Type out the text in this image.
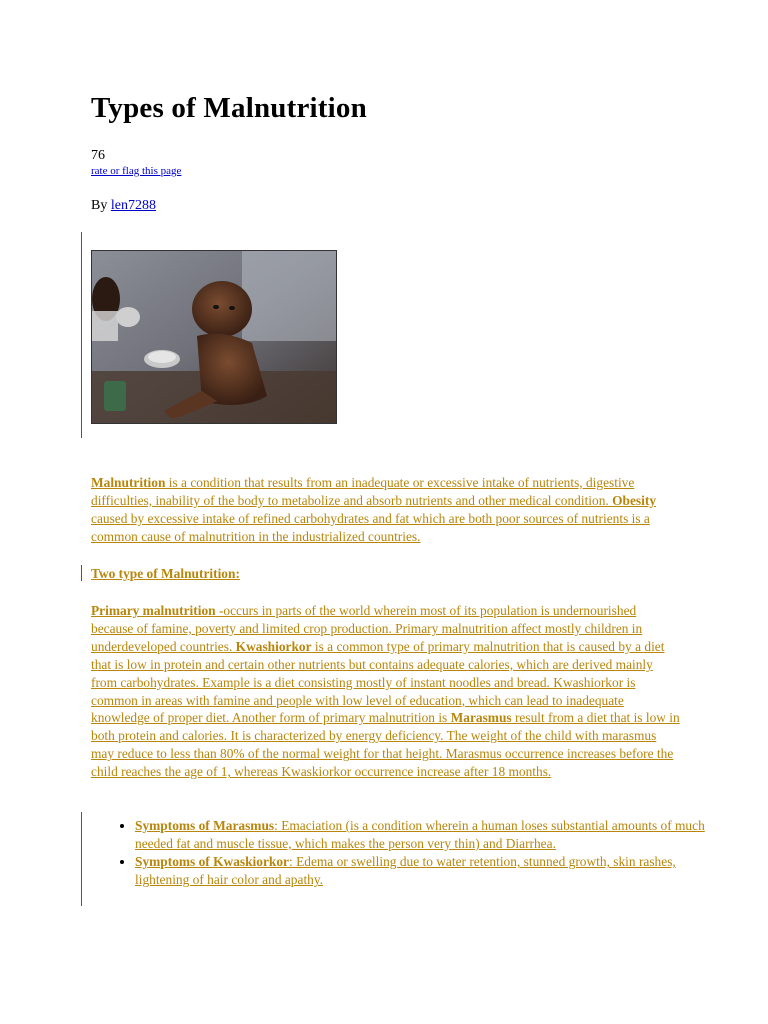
Types of Malnutrition
76
rate or flag this page
By len7288

Malnutrition is a condition that results from an inadequate or excessive intake of nutrients, digestive difficulties, inability of the body to metabolize and absorb nutrients and other medical condition. Obesity caused by excessive intake of refined carbohydrates and fat which are both poor sources of nutrients is a common cause of malnutrition in the industrialized countries.

Two type of Malnutrition:

Primary malnutrition -occurs in parts of the world wherein most of its population is undernourished because of famine, poverty and limited crop production. Primary malnutrition affect mostly children in underdeveloped countries. Kwashiorkor is a common type of primary malnutrition that is caused by a diet that is low in protein and certain other nutrients but contains adequate calories, which are derived mainly from carbohydrates. Example is a diet consisting mostly of instant noodles and bread. Kwashiorkor is common in areas with famine and people with low level of education, which can lead to inadequate knowledge of proper diet. Another form of primary malnutrition is Marasmus result from a diet that is low in both protein and calories. It is characterized by energy deficiency. The weight of the child with marasmus may reduce to less than 80% of the normal weight for that height. Marasmus occurrence increases before the child reaches the age of 1, whereas Kwaskiorkor occurrence increase after 18 months.

• Symptoms of Marasmus: Emaciation (is a condition wherein a human loses substantial amounts of much needed fat and muscle tissue, which makes the person very thin) and Diarrhea.
• Symptoms of Kwaskiorkor: Edema or swelling due to water retention, stunned growth, skin rashes, lightening of hair color and apathy.
